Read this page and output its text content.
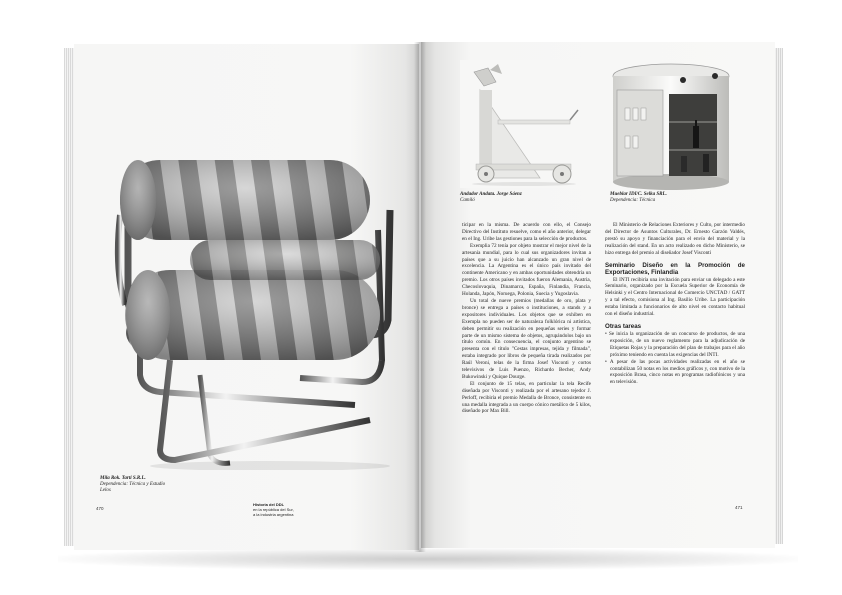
Mila Rok. Tarti S.R.L.
Dependencia: Técnica y Estudio
Lelos
470
Historia del DDL
en la república del Sur,
a la industria argentina
Andador Andata. Jorge Sáenz
Camiló
Mueblar IDI/C. Selka SRL.
Dependencia: Técnica

ticipar en la misma. De acuerdo con ello, el Consejo Directivo del Instituto resuelve, como el año anterior, delegar en el Ing. Uribe las gestiones para la selección de productos.

Exemplia 72 tenía por objeto mostrar el mejor nivel de la artesanía mundial, para lo cual sus organizadores invitan a países que a su juicio han alcanzado un gran nivel de excelencia. La Argentina es el único país invitado del continente Americano y en ambas oportunidades obtendría un premio. Los otros países invitados fueron Alemania, Austria, Checoslovaquia, Dinamarca, España, Finlandia, Francia, Holanda, Japón, Noruega, Polonia, Suecia y Yugoslavia.

Un total de nueve premios (medallas de oro, plata y bronce) se entrega a países o instituciones, a stands y a expositores individuales. Los objetos que se exhiben en Exempla no pueden ser de naturaleza folklórica ni artística, deben permitir su realización en pequeñas series y formar parte de un mismo sistema de objetos, agrupándolos bajo un título común. En consecuencia, el conjunto argentino se presenta con el título "Cestas impresas, tejida y filmada", estaba integrado por libros de pequeña tirada realizados por Raúl Veroni, telas de la firma Josef Visconti y cortos televisivos de Luis Puenzo, Richardo Becher, Andy Bukowinski y Quique Dourge.

El conjunto de 15 telas, en particular la tela Recife diseñada por Visconti y realizada por el artesano tejedor J. Perloff, recibiría el premio Medalla de Bronce, consistente en una medalla integrada a un cuerpo cónico metálico de 5 kilos, diseñado por Max Bill.

El Ministerio de Relaciones Exteriores y Culto, por intermedio del Director de Asuntos Culturales, Dr. Ernesto Garzón Valdés, prestó su apoyo y financiación para el envío del material y la realización del stand. En un acto realizado en dicho Ministerio, se hizo entrega del premio al diseñador Josef Visconti

Seminario Diseño en la Promoción de Exportaciones, Finlandia

El INTI recibiría una invitación para enviar un delegado a este Seminario, organizado por la Escuela Superior de Economía de Helsinki y el Centro Internacional de Comercio UNCTAD / GATT y a tal efecto, comisiona al Ing. Basilio Uribe. La participación estaba limitada a funcionarios de alto nivel en contacto habitual con el diseño industrial.

Otras tareas
• Se inicia la organización de un concurso de productos, de una exposición, de un nuevo reglamento para la adjudicación de Etiquetas Rojas y la preparación del plan de trabajos para el año próximo teniendo en cuenta las exigencias del INTI.
• A pesar de las pocas actividades realizadas en el año se contabilizan 50 notas en los medios gráficos y, con motivo de la exposición Brasa, cinco notas en programas radiofónicos y una en televisión.
471
